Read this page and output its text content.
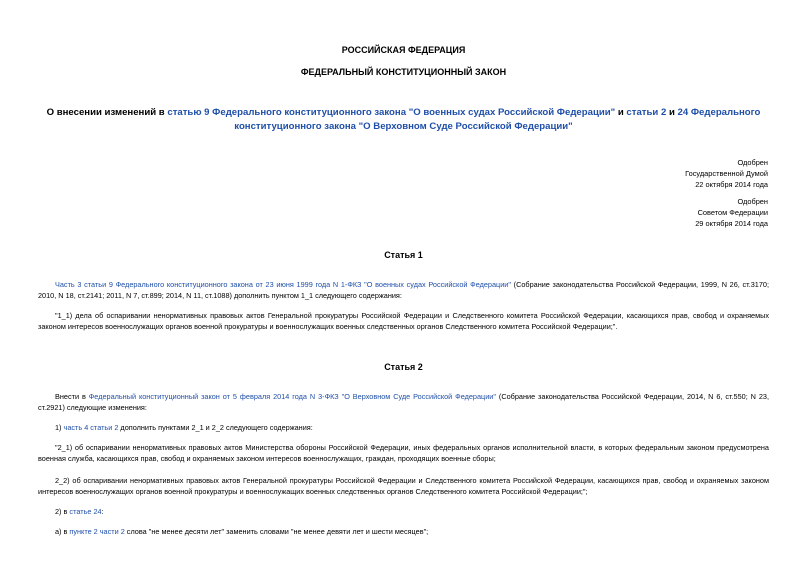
РОССИЙСКАЯ ФЕДЕРАЦИЯ
ФЕДЕРАЛЬНЫЙ КОНСТИТУЦИОННЫЙ ЗАКОН
О внесении изменений в статью 9 Федерального конституционного закона "О военных судах Российской Федерации" и статьи 2 и 24 Федерального конституционного закона "О Верховном Суде Российской Федерации"
Одобрен
Государственной Думой
22 октября 2014 года
Одобрен
Советом Федерации
29 октября 2014 года
Статья 1

Часть 3 статьи 9 Федерального конституционного закона от 23 июня 1999 года N 1-ФКЗ "О военных судах Российской Федерации" (Собрание законодательства Российской Федерации, 1999, N 26, ст.3170; 2010, N 18, ст.2141; 2011, N 7, ст.899; 2014, N 11, ст.1088) дополнить пунктом 1_1 следующего содержания:

"1_1) дела об оспаривании ненормативных правовых актов Генеральной прокуратуры Российской Федерации и Следственного комитета Российской Федерации, касающихся прав, свобод и охраняемых законом интересов военнослужащих органов военной прокуратуры и военнослужащих военных следственных органов Следственного комитета Российской Федерации;".

Статья 2

Внести в Федеральный конституционный закон от 5 февраля 2014 года N 3-ФКЗ "О Верховном Суде Российской Федерации" (Собрание законодательства Российской Федерации, 2014, N 6, ст.550; N 23, ст.2921) следующие изменения:

1) часть 4 статьи 2 дополнить пунктами 2_1 и 2_2 следующего содержания:

"2_1) об оспаривании ненормативных правовых актов Министерства обороны Российской Федерации, иных федеральных органов исполнительной власти, в которых федеральным законом предусмотрена военная служба, касающихся прав, свобод и охраняемых законом интересов военнослужащих, граждан, проходящих военные сборы;

2_2) об оспаривании ненормативных правовых актов Генеральной прокуратуры Российской Федерации и Следственного комитета Российской Федерации, касающихся прав, свобод и охраняемых законом интересов военнослужащих органов военной прокуратуры и военнослужащих военных следственных органов Следственного комитета Российской Федерации;";

2) в статье 24:

а) в пункте 2 части 2 слова "не менее десяти лет" заменить словами "не менее девяти лет и шести месяцев";
